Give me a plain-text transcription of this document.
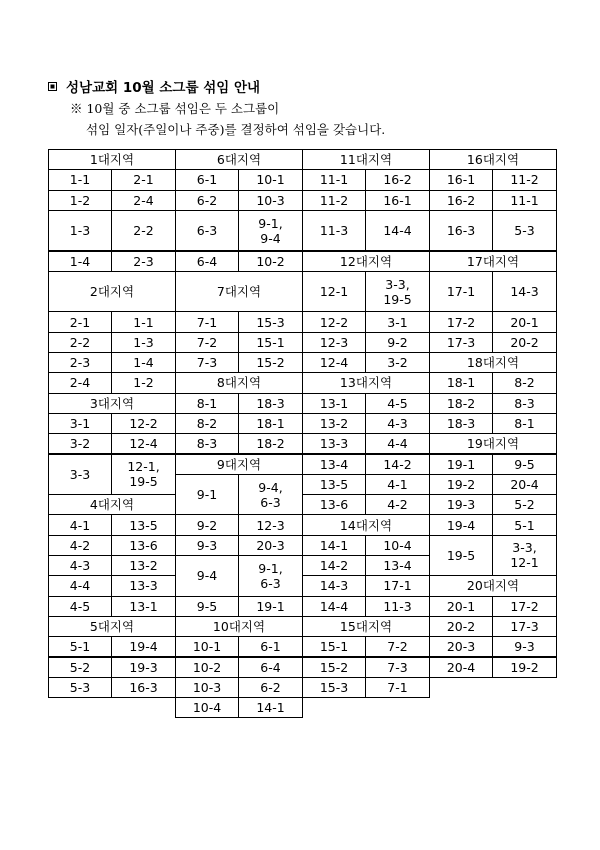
성남교회 10월 소그룹 섞임 안내
※ 10월 중 소그룹 섞임은 두 소그룹이
섞임 일자(주일이나 주중)를 결정하여 섞임을 갖습니다.
1대지역
1-1	2-1
1-2	2-4
1-3	2-2
1-4	2-3
2대지역
2-1	1-1
2-2	1-3
2-3	1-4
2-4	1-2
3대지역
3-1	12-2
3-2	12-4
3-3	12-1,
19-5
4대지역
4-1	13-5
4-2	13-6
4-3	13-2
4-4	13-3
4-5	13-1
5대지역
5-1	19-4
5-2	19-3
5-3	16-3
6대지역
6-1	10-1
6-2	10-3
6-3	9-1,
9-4
6-4	10-2
7대지역
7-1	15-3
7-2	15-1
7-3	15-2
8대지역
8-1	18-3
8-2	18-1
8-3	18-2
9대지역
9-1	9-4,
6-3
9-2	12-3
9-3	20-3
9-4	9-1,
6-3
9-5	19-1
10대지역
10-1	6-1
10-2	6-4
10-3	6-2
10-4	14-1
11대지역
11-1	16-2
11-2	16-1
11-3	14-4
12대지역
12-1	3-3,
19-5
12-2	3-1
12-3	9-2
12-4	3-2
13대지역
13-1	4-5
13-2	4-3
13-3	4-4
13-4	14-2
13-5	4-1
13-6	4-2
14대지역
14-1	10-4
14-2	13-4
14-3	17-1
14-4	11-3
15대지역
15-1	7-2
15-2	7-3
15-3	7-1
16대지역
16-1	11-2
16-2	11-1
16-3	5-3
17대지역
17-1	14-3
17-2	20-1
17-3	20-2
18대지역
18-1	8-2
18-2	8-3
18-3	8-1
19대지역
19-1	9-5
19-2	20-4
19-3	5-2
19-4	5-1
19-5	3-3,
12-1
20대지역
20-1	17-2
20-2	17-3
20-3	9-3
20-4	19-2
